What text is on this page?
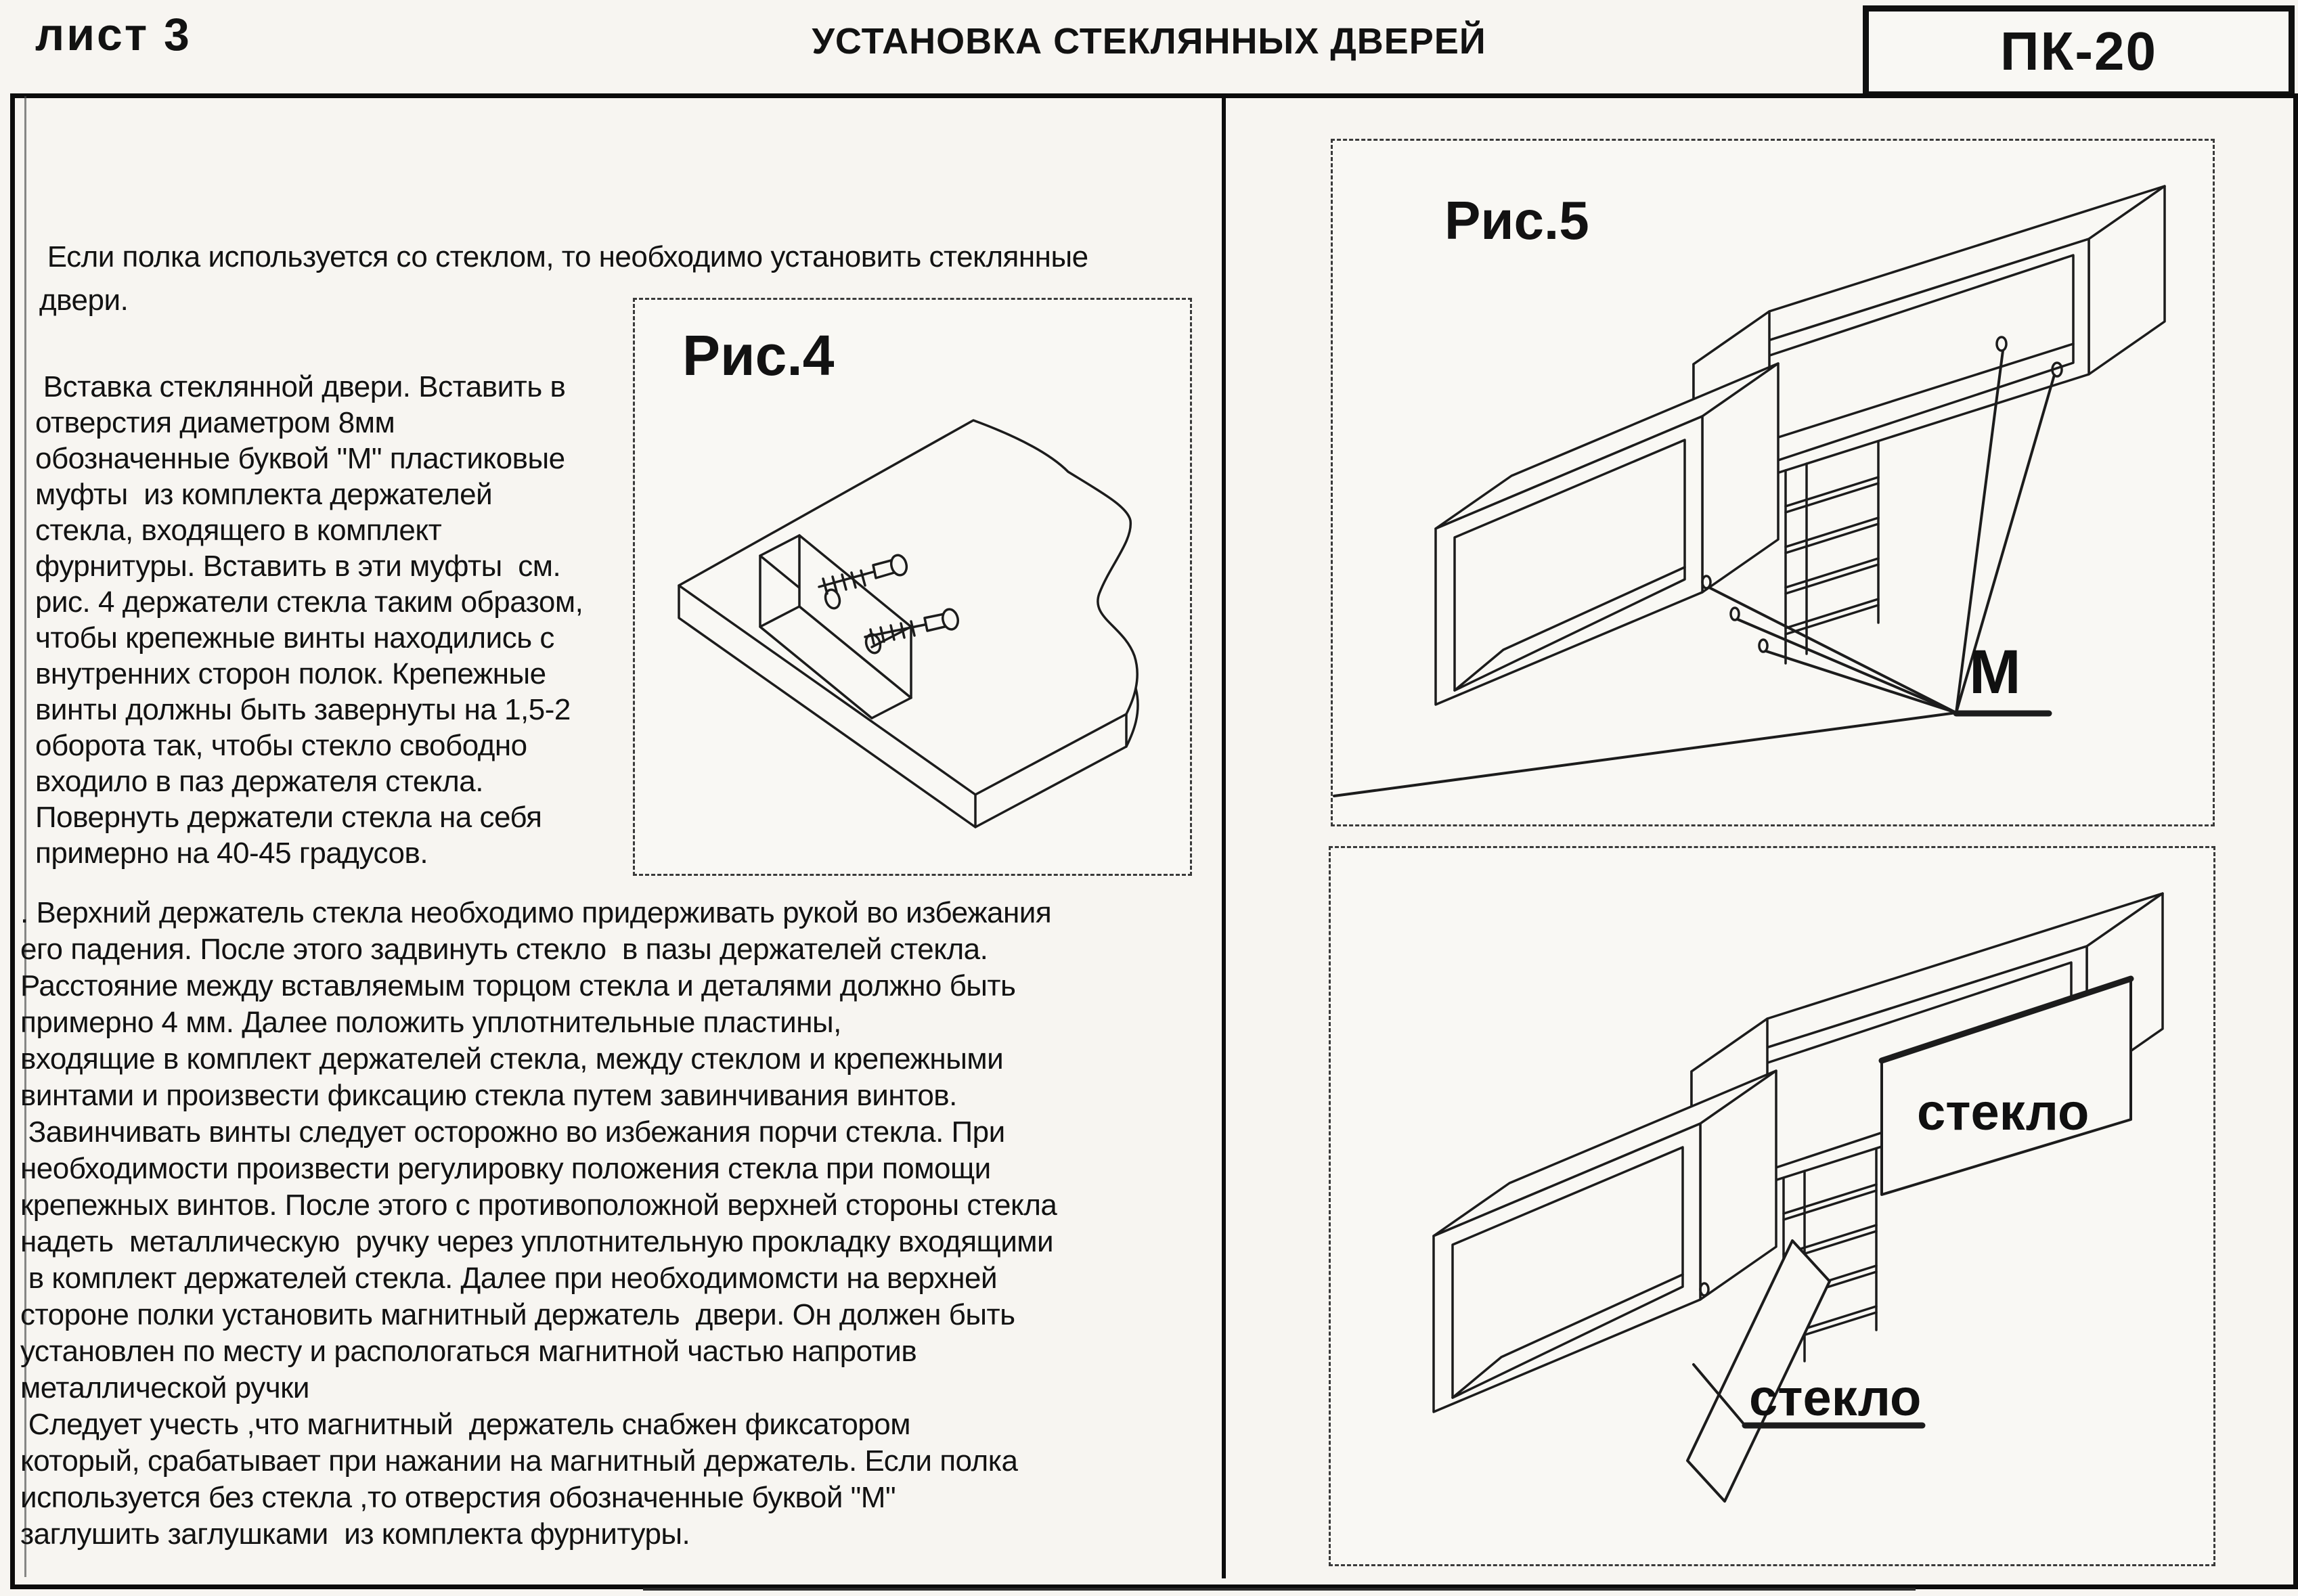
лист 3	УСТАНОВКА СТЕКЛЯННЫХ ДВЕРЕЙ	ПК-20
Если полка используется со стеклом, то необходимо установить стеклянные
двери.
Вставка стеклянной двери. Вставить в
отверстия диаметром 8мм
обозначенные буквой "М" пластиковые
муфты  из комплекта держателей
стекла, входящего в комплект
фурнитуры. Вставить в эти муфты  см.
рис. 4 держатели стекла таким образом,
чтобы крепежные винты находились с
внутренних сторон полок. Крепежные
винты должны быть завернуты на 1,5-2
оборота так, чтобы стекло свободно
входило в паз держателя стекла.
Повернуть держатели стекла на себя
примерно на 40-45 градусов.
. Верхний держатель стекла необходимо придерживать рукой во избежания
его падения. После этого задвинуть стекло  в пазы держателей стекла.
Расстояние между вставляемым торцом стекла и деталями должно быть
примерно 4 мм. Далее положить уплотнительные пластины,
входящие в комплект держателей стекла, между стеклом и крепежными
винтами и произвести фиксацию стекла путем завинчивания винтов.
Завинчивать винты следует осторожно во избежания порчи стекла. При
необходимости произвести регулировку положения стекла при помощи
крепежных винтов. После этого с противоположной верхней стороны стекла
надеть  металлическую  ручку через уплотнительную прокладку входящими
в комплект держателей стекла. Далее при необходимомсти на верхней
стороне полки установить магнитный держатель  двери. Он должен быть
установлен по месту и распологаться магнитной частью напротив
металлической ручки
Следует учесть ,что магнитный  держатель снабжен фиксатором
который, срабатывает при нажании на магнитный держатель. Если полка
используется без стекла ,то отверстия обозначенные буквой "М"
заглушить заглушками  из комплекта фурнитуры.
Рис.4
Рис.5
М
стекло
стекло
